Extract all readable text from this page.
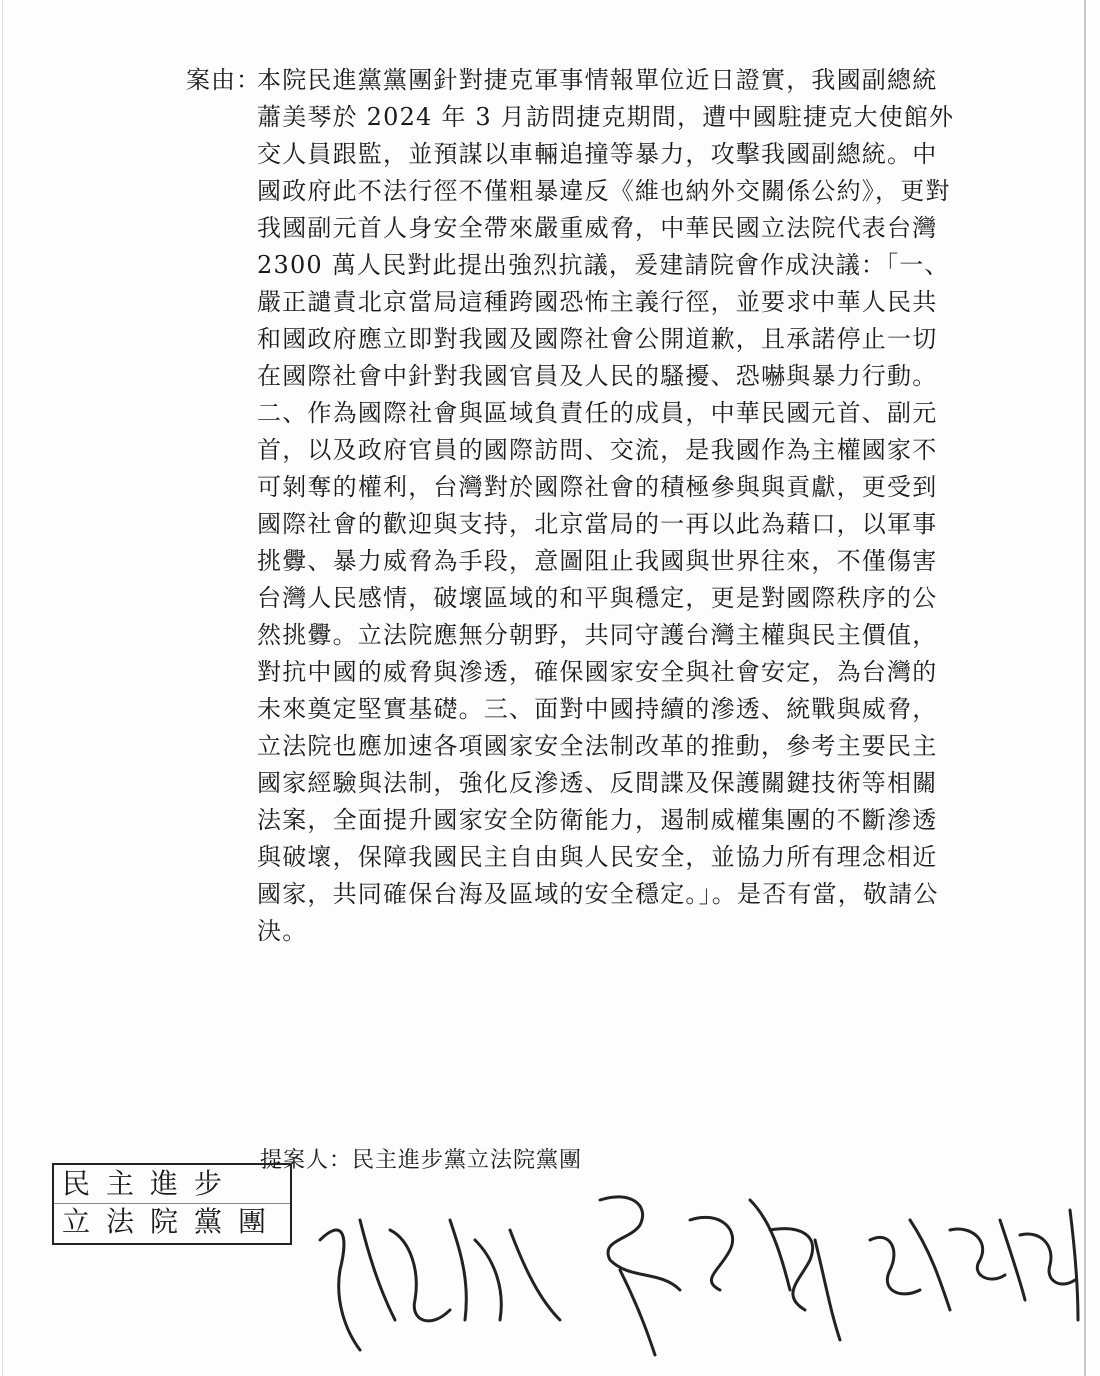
案由：
本院民進黨黨團針對捷克軍事情報單位近日證實，我國副總統
蕭美琴於 2024 年 3 月訪問捷克期間，遭中國駐捷克大使館外
交人員跟監，並預謀以車輛追撞等暴力，攻擊我國副總統。中
國政府此不法行徑不僅粗暴違反《維也納外交關係公約》，更對
我國副元首人身安全帶來嚴重威脅，中華民國立法院代表台灣
2300 萬人民對此提出強烈抗議，爰建請院會作成決議：「一、
嚴正譴責北京當局這種跨國恐怖主義行徑，並要求中華人民共
和國政府應立即對我國及國際社會公開道歉，且承諾停止一切
在國際社會中針對我國官員及人民的騷擾、恐嚇與暴力行動。
二、作為國際社會與區域負責任的成員，中華民國元首、副元
首，以及政府官員的國際訪問、交流，是我國作為主權國家不
可剝奪的權利，台灣對於國際社會的積極參與與貢獻，更受到
國際社會的歡迎與支持，北京當局的一再以此為藉口，以軍事
挑釁、暴力威脅為手段，意圖阻止我國與世界往來，不僅傷害
台灣人民感情，破壞區域的和平與穩定，更是對國際秩序的公
然挑釁。立法院應無分朝野，共同守護台灣主權與民主價值，
對抗中國的威脅與滲透，確保國家安全與社會安定，為台灣的
未來奠定堅實基礎。三、面對中國持續的滲透、統戰與威脅，
立法院也應加速各項國家安全法制改革的推動，參考主要民主
國家經驗與法制，強化反滲透、反間諜及保護關鍵技術等相關
法案，全面提升國家安全防衛能力，遏制威權集團的不斷滲透
與破壞，保障我國民主自由與人民安全，並協力所有理念相近
國家，共同確保台海及區域的安全穩定。」。是否有當，敬請公
決。
提案人：民主進步黨立法院黨團
民主進步
立法院黨團
